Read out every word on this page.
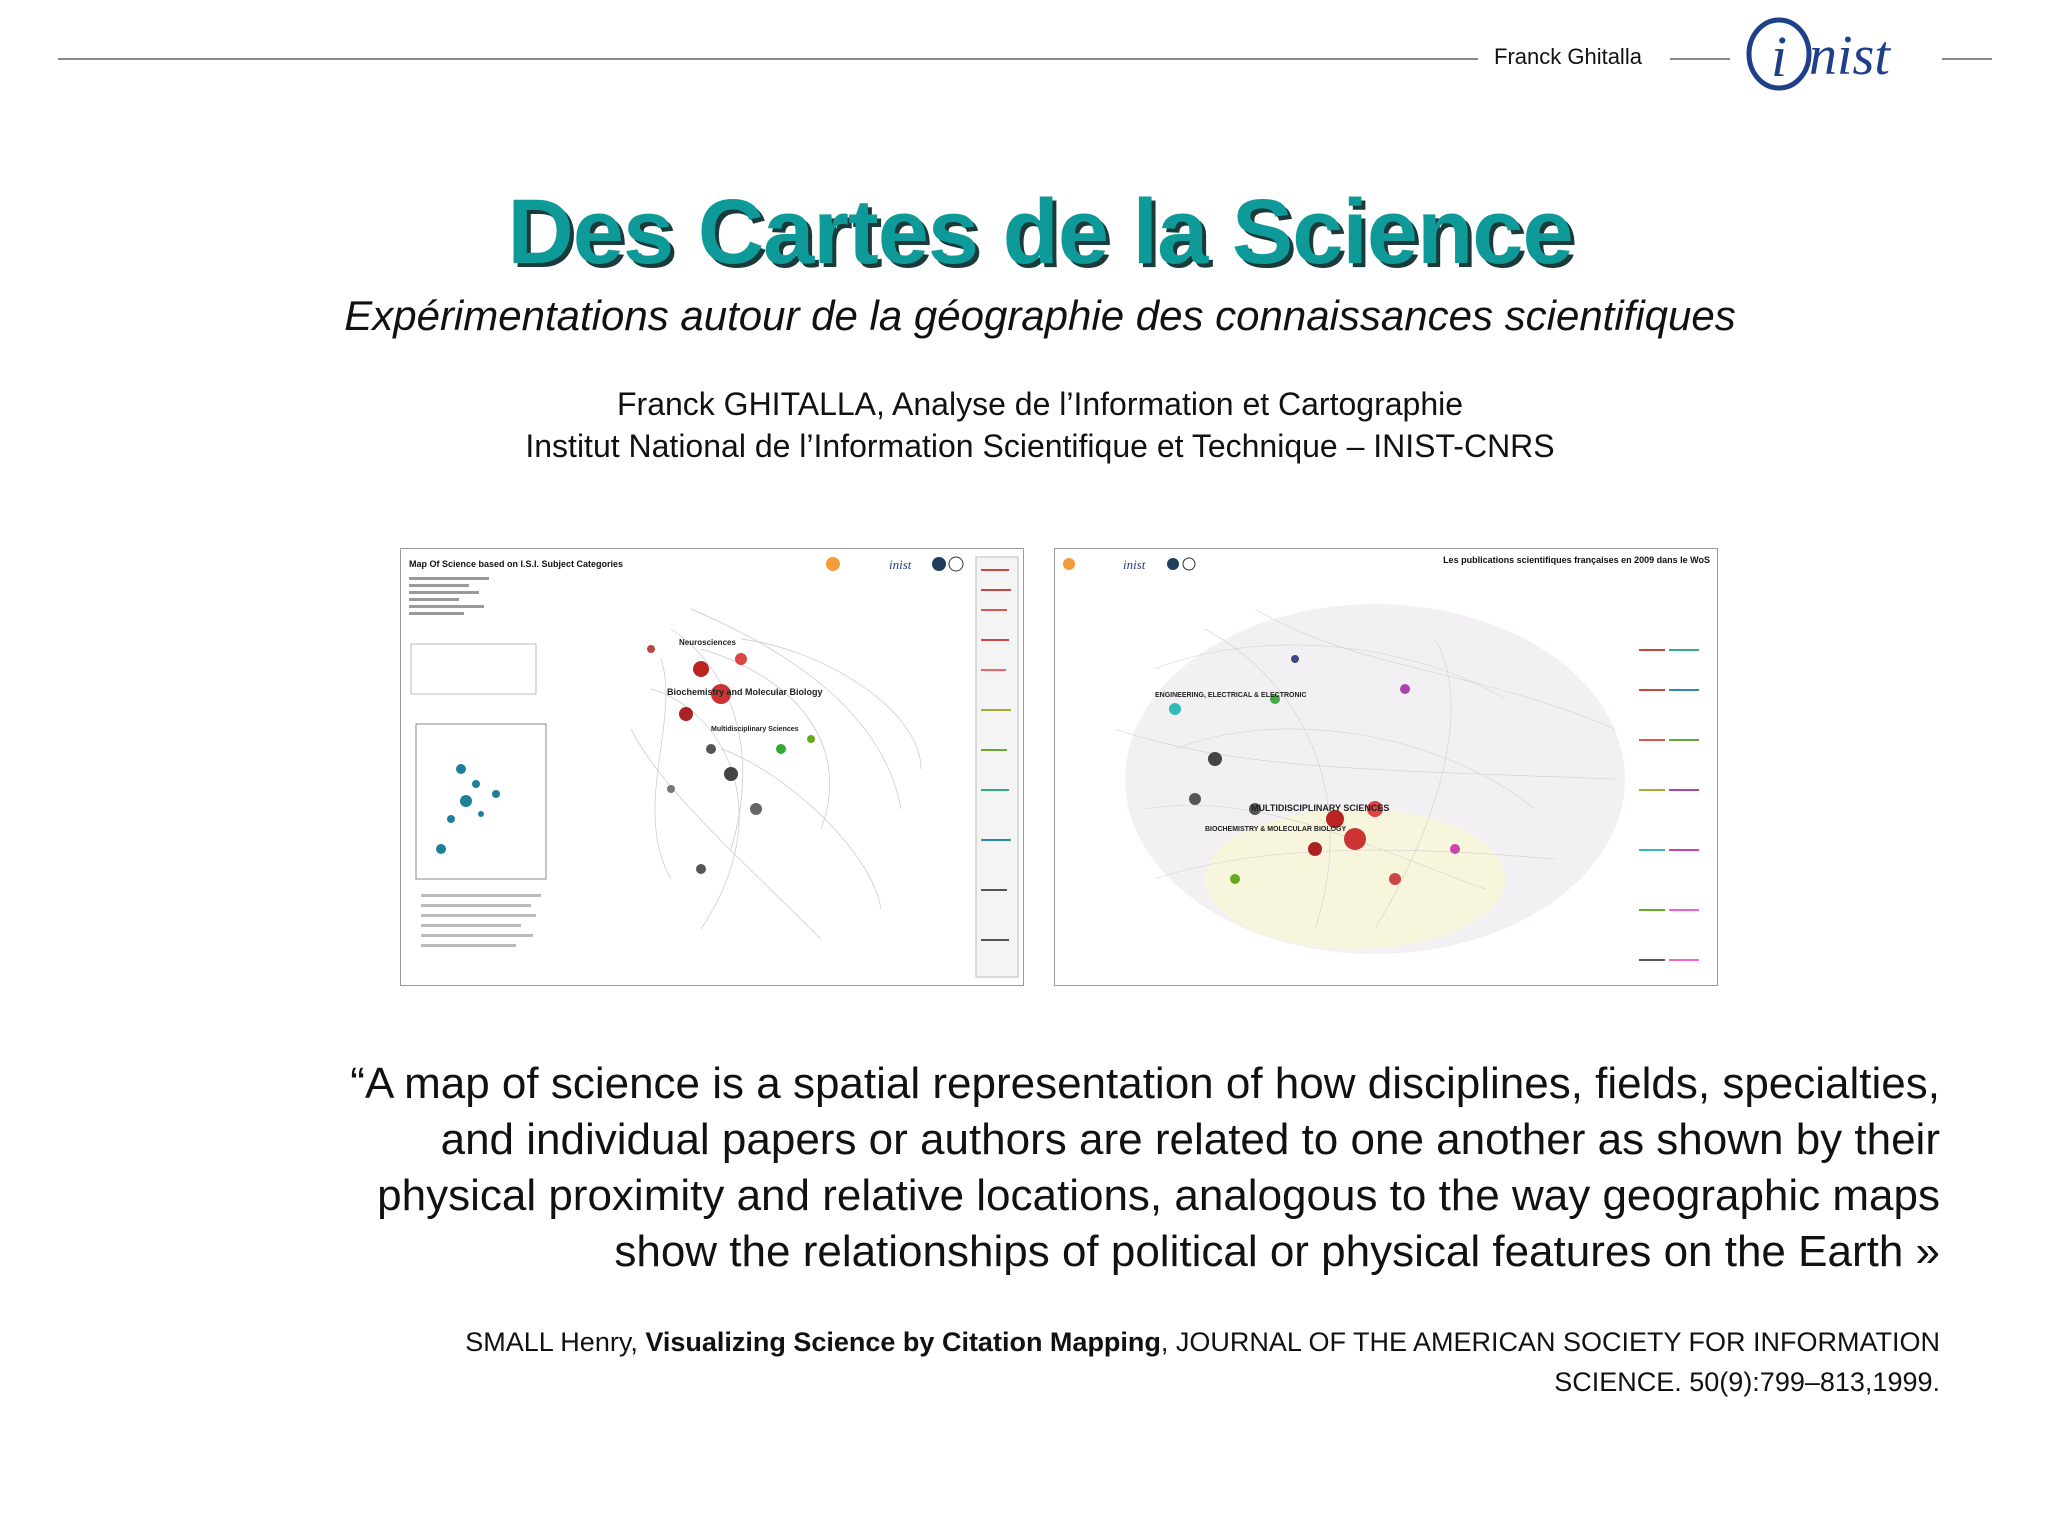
Franck Ghitalla i nist
Des Cartes de la Science
Expérimentations autour de la géographie des connaissances scientifiques
Franck GHITALLA, Analyse de l’Information et Cartographie
Institut National de l’Information Scientifique et Technique – INIST-CNRS
Map Of Science based on I.S.I. Subject Categories
Neurosciences
Biochemistry and Molecular Biology
Multidisciplinary Sciences
inist	inist	Les publications scientifiques françaises en 2009 dans le WoS
MULTIDISCIPLINARY SCIENCES
BIOCHEMISTRY & MOLECULAR BIOLOGY
ENGINEERING, ELECTRICAL & ELECTRONIC
“A map of science is a spatial representation of how disciplines, fields, specialties,
and individual papers or authors are related to one another as shown by their
physical proximity and relative locations, analogous to the way geographic maps
show the relationships of political or physical features on the Earth »
SMALL Henry, Visualizing Science by Citation Mapping, JOURNAL OF THE AMERICAN SOCIETY FOR INFORMATION
SCIENCE. 50(9):799–813,1999.
